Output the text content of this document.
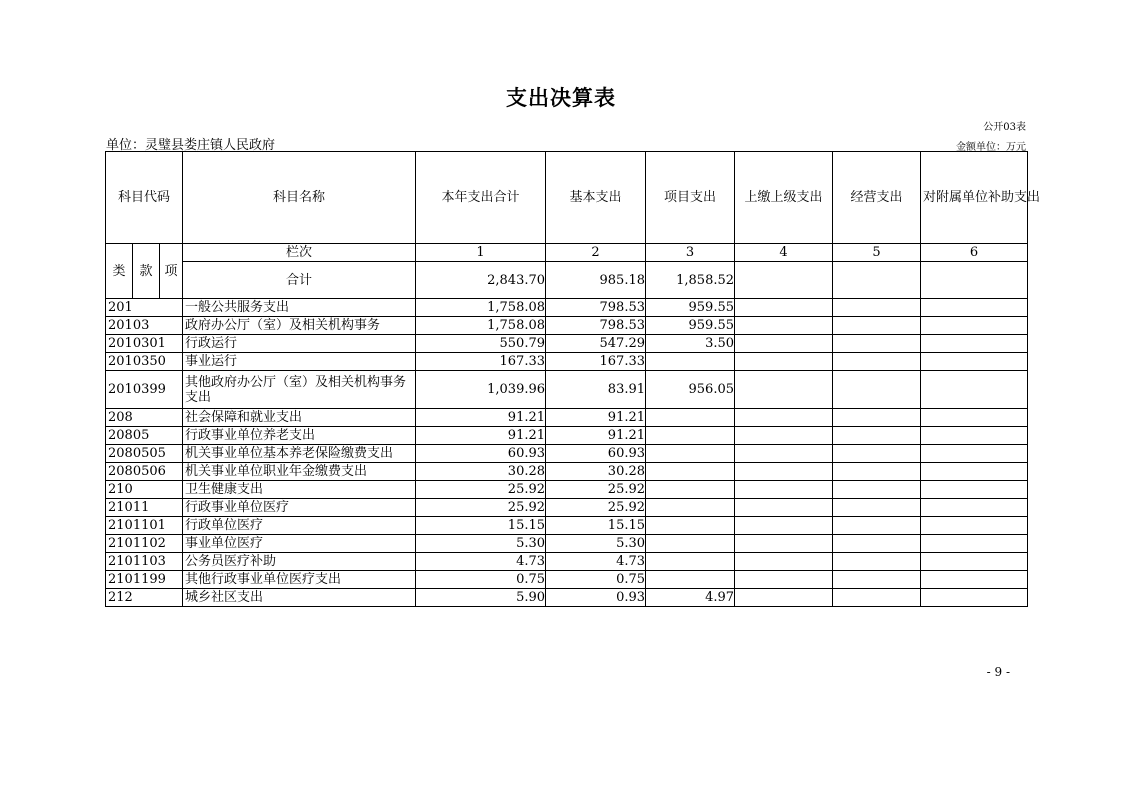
支出决算表
公开03表
单位：灵璧县娄庄镇人民政府	金额单位：万元
科目代码			科目名称	本年支出合计	基本支出	项目支出	上缴上级支出	经营支出	对附属单位补助支出
类	款	项	栏次	1	2	3	4	5	6
			合计	2,843.70	985.18	1,858.52			
201			一般公共服务支出	1,758.08	798.53	959.55			
20103			政府办公厅（室）及相关机构事务	1,758.08	798.53	959.55			
2010301			行政运行	550.79	547.29	3.50			
2010350			事业运行	167.33	167.33				
2010399			其他政府办公厅（室）及相关机构事务支出	1,039.96	83.91	956.05			
208			社会保障和就业支出	91.21	91.21				
20805			行政事业单位养老支出	91.21	91.21				
2080505			机关事业单位基本养老保险缴费支出	60.93	60.93				
2080506			机关事业单位职业年金缴费支出	30.28	30.28				
210			卫生健康支出	25.92	25.92				
21011			行政事业单位医疗	25.92	25.92				
2101101			行政单位医疗	15.15	15.15				
2101102			事业单位医疗	5.30	5.30				
2101103			公务员医疗补助	4.73	4.73				
2101199			其他行政事业单位医疗支出	0.75	0.75				
212			城乡社区支出	5.90	0.93	4.97			
- 9 -
